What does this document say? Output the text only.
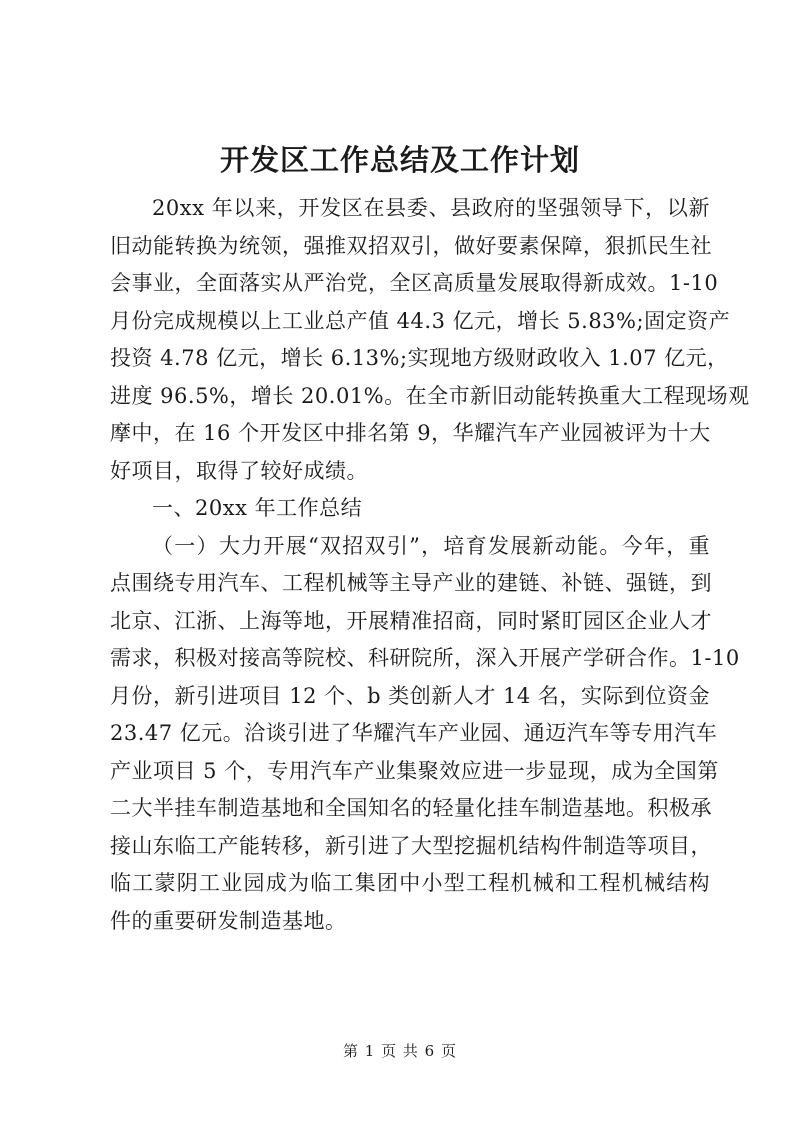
开发区工作总结及工作计划
20xx 年以来，开发区在县委、县政府的坚强领导下，以新
旧动能转换为统领，强推双招双引，做好要素保障，狠抓民生社
会事业，全面落实从严治党，全区高质量发展取得新成效。1-10
月份完成规模以上工业总产值 44.3 亿元，增长 5.83%;固定资产
投资 4.78 亿元，增长 6.13%;实现地方级财政收入 1.07 亿元，
进度 96.5%，增长 20.01%。在全市新旧动能转换重大工程现场观
摩中，在 16 个开发区中排名第 9，华耀汽车产业园被评为十大
好项目，取得了较好成绩。
一、20xx 年工作总结
（一）大力开展“双招双引”，培育发展新动能。今年，重
点围绕专用汽车、工程机械等主导产业的建链、补链、强链，到
北京、江浙、上海等地，开展精准招商，同时紧盯园区企业人才
需求，积极对接高等院校、科研院所，深入开展产学研合作。1-10
月份，新引进项目 12 个、b 类创新人才 14 名，实际到位资金
23.47 亿元。洽谈引进了华耀汽车产业园、通迈汽车等专用汽车
产业项目 5 个，专用汽车产业集聚效应进一步显现，成为全国第
二大半挂车制造基地和全国知名的轻量化挂车制造基地。积极承
接山东临工产能转移，新引进了大型挖掘机结构件制造等项目，
临工蒙阴工业园成为临工集团中小型工程机械和工程机械结构
件的重要研发制造基地。
第 1 页 共 6 页
